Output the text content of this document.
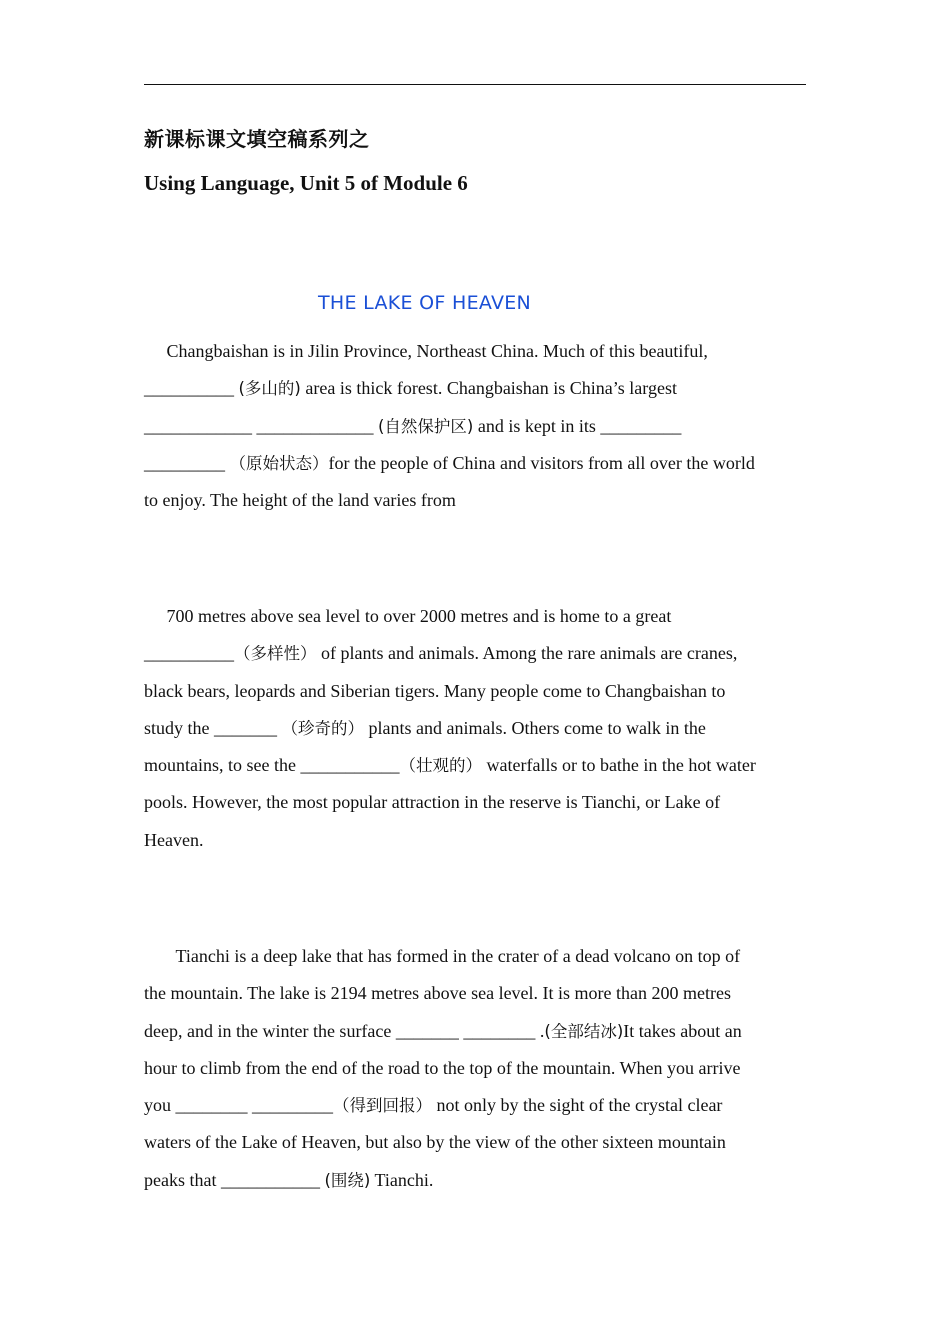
新课标课文填空稿系列之
Using Language, Unit 5 of Module 6
THE LAKE OF HEAVEN
Changbaishan is in Jilin Province, Northeast China. Much of this beautiful,
__________ (多山的) area is thick forest. Changbaishan is China’s largest
____________ _____________ (自然保护区) and is kept in its _________
_________ （原始状态）for the people of China and visitors from all over the world
to enjoy. The height of the land varies from
700 metres above sea level to over 2000 metres and is home to a great
__________（多样性） of plants and animals. Among the rare animals are cranes,
black bears, leopards and Siberian tigers. Many people come to Changbaishan to
study the _______ （珍奇的） plants and animals. Others come to walk in the
mountains, to see the ___________（壮观的） waterfalls or to bathe in the hot water
pools. However, the most popular attraction in the reserve is Tianchi, or Lake of
Heaven.
Tianchi is a deep lake that has formed in the crater of a dead volcano on top of
the mountain. The lake is 2194 metres above sea level. It is more than 200 metres
deep, and in the winter the surface _______ ________ .(全部结冰)It takes about an
hour to climb from the end of the road to the top of the mountain. When you arrive
you ________ _________（得到回报） not only by the sight of the crystal clear
waters of the Lake of Heaven, but also by the view of the other sixteen mountain
peaks that ___________ (围绕) Tianchi.
